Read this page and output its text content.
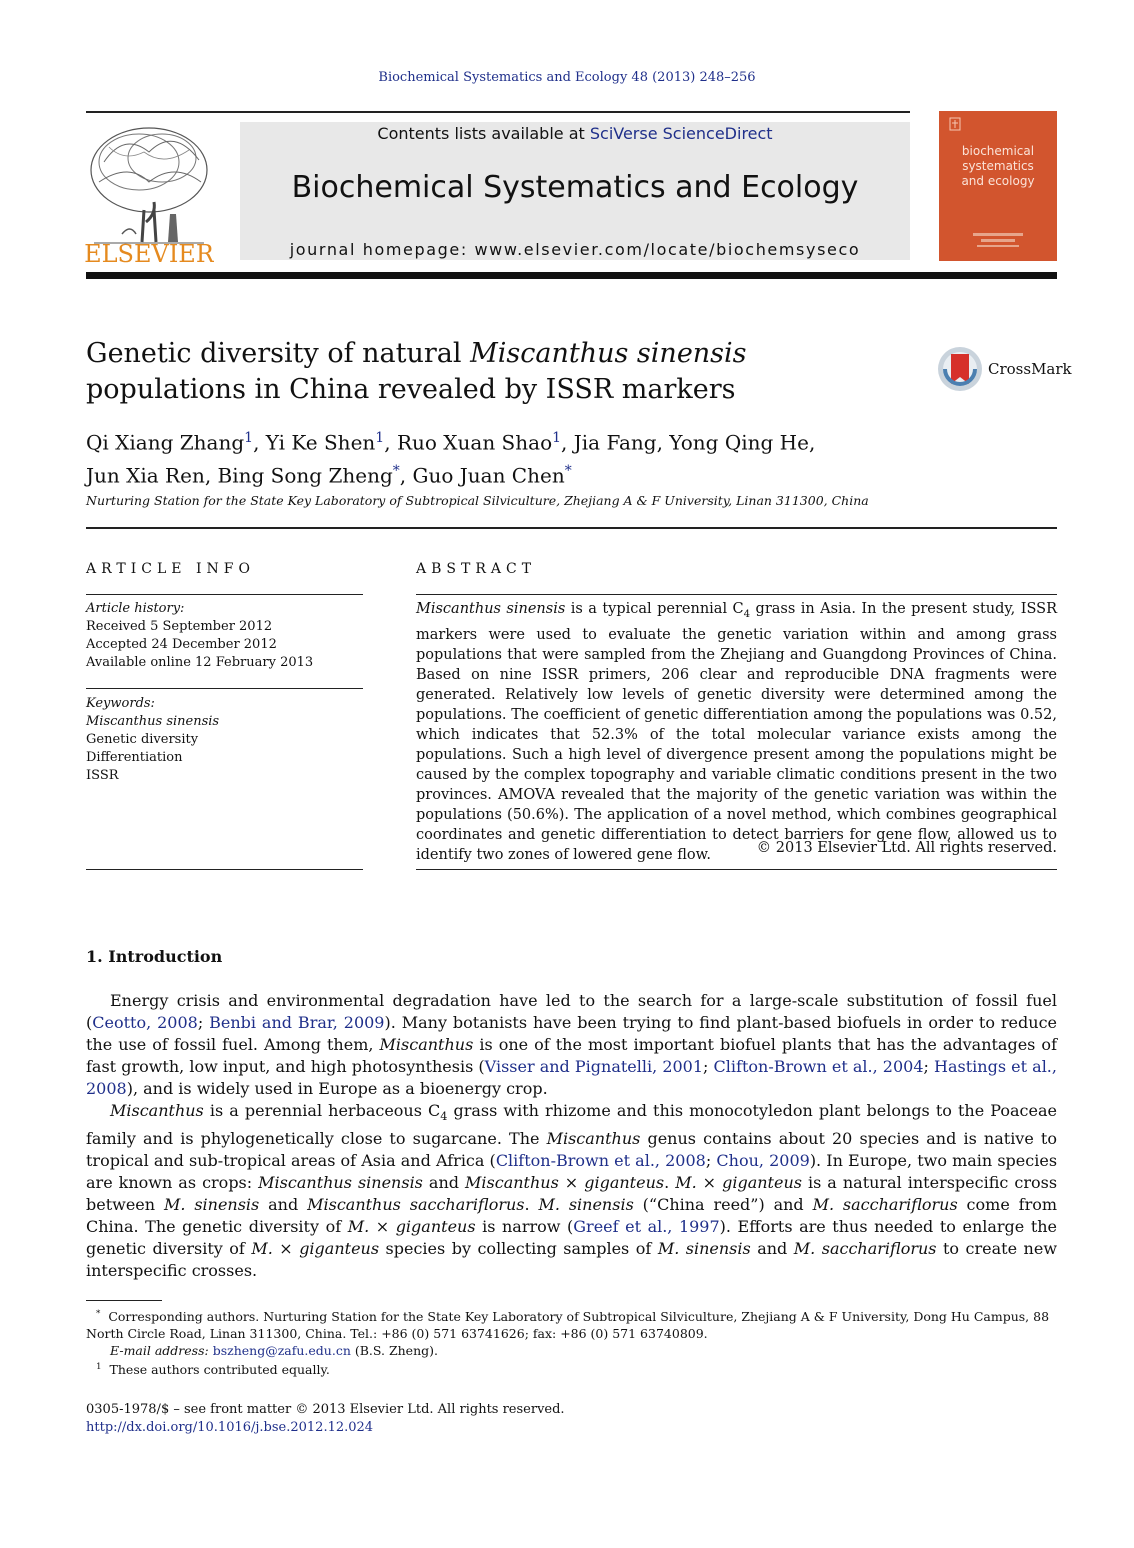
Biochemical Systematics and Ecology 48 (2013) 248–256
ELSEVIER
Contents lists available at SciVerse ScienceDirect
Biochemical Systematics and Ecology
journal homepage: www.elsevier.com/locate/biochemsyseco
biochemical
systematics
and ecology
Genetic diversity of natural Miscanthus sinensis populations in China revealed by ISSR markers
CrossMark
Qi Xiang Zhang$^1$, Yi Ke Shen$^1$, Ruo Xuan Shao$^1$, Jia Fang, Yong Qing He,
Jun Xia Ren, Bing Song Zheng*, Guo Juan Chen*
Nurturing Station for the State Key Laboratory of Subtropical Silviculture, Zhejiang A & F University, Linan 311300, China
ARTICLE INFO	ABSTRACT
Article history:
Received 5 September 2012
Accepted 24 December 2012
Available online 12 February 2013
Keywords:
Miscanthus sinensis
Genetic diversity
Differentiation
ISSR
Miscanthus sinensis is a typical perennial $C_4$ grass in Asia. In the present study, ISSR markers were used to evaluate the genetic variation within and among grass populations that were sampled from the Zhejiang and Guangdong Provinces of China. Based on nine ISSR primers, 206 clear and reproducible DNA fragments were generated. Relatively low levels of genetic diversity were determined among the populations. The coefficient of genetic differentiation among the populations was 0.52, which indicates that 52.3% of the total molecular variance exists among the populations. Such a high level of divergence present among the populations might be caused by the complex topography and variable climatic conditions present in the two provinces. AMOVA revealed that the majority of the genetic variation was within the populations (50.6%). The application of a novel method, which combines geographical coordinates and genetic differentiation to detect barriers for gene flow, allowed us to identify two zones of lowered gene flow.	© 2013 Elsevier Ltd. All rights reserved.
1. Introduction

Energy crisis and environmental degradation have led to the search for a large-scale substitution of fossil fuel (Ceotto, 2008; Benbi and Brar, 2009). Many botanists have been trying to find plant-based biofuels in order to reduce the use of fossil fuel. Among them, Miscanthus is one of the most important biofuel plants that has the advantages of fast growth, low input, and high photosynthesis (Visser and Pignatelli, 2001; Clifton-Brown et al., 2004; Hastings et al., 2008), and is widely used in Europe as a bioenergy crop.

Miscanthus is a perennial herbaceous $C_4$ grass with rhizome and this monocotyledon plant belongs to the Poaceae family and is phylogenetically close to sugarcane. The Miscanthus genus contains about 20 species and is native to tropical and sub-tropical areas of Asia and Africa (Clifton-Brown et al., 2008; Chou, 2009). In Europe, two main species are known as crops: Miscanthus sinensis and Miscanthus × giganteus. M. × giganteus is a natural interspecific cross between M. sinensis and Miscanthus sacchariflorus. M. sinensis (“China reed”) and M. sacchariflorus come from China. The genetic diversity of M. × giganteus is narrow (Greef et al., 1997). Efforts are thus needed to enlarge the genetic diversity of M. × giganteus species by collecting samples of M. sinensis and M. sacchariflorus to create new interspecific crosses.

* Corresponding authors. Nurturing Station for the State Key Laboratory of Subtropical Silviculture, Zhejiang A & F University, Dong Hu Campus, 88 North Circle Road, Linan 311300, China. Tel.: +86 (0) 571 63741626; fax: +86 (0) 571 63740809.

E-mail address: bszheng@zafu.edu.cn (B.S. Zheng).

$^1$ These authors contributed equally.

0305-1978/$ – see front matter © 2013 Elsevier Ltd. All rights reserved.
http://dx.doi.org/10.1016/j.bse.2012.12.024
